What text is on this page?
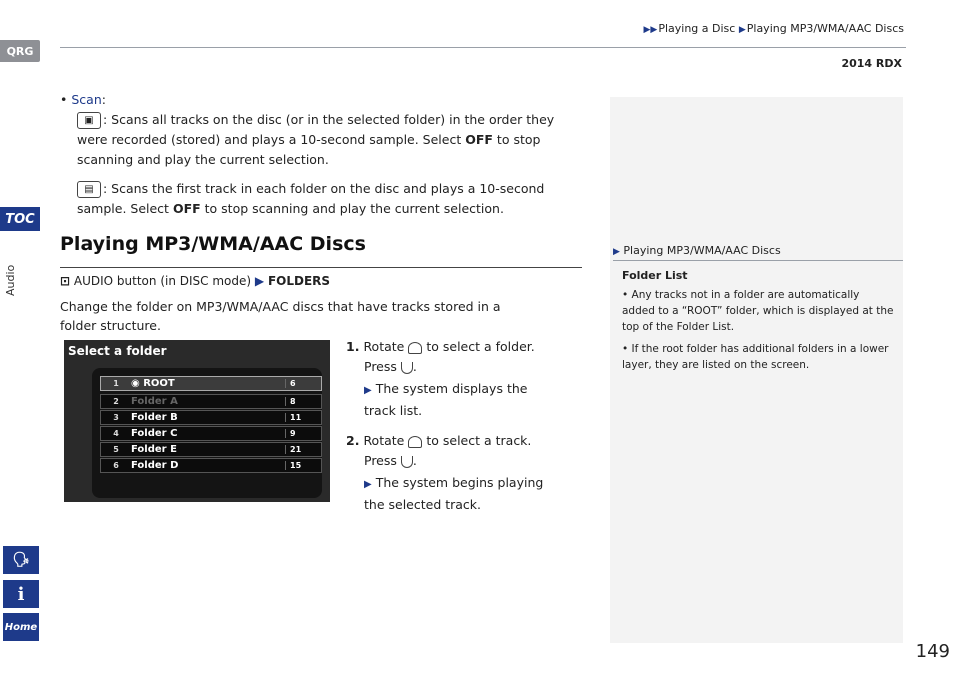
QRG
TOC
Audio
🗣
i
Home
▶▶Playing a Disc ▶Playing MP3/WMA/AAC Discs
2014 RDX
• Scan:
▣ : Scans all tracks on the disc (or in the selected folder) in the order they were recorded (stored) and plays a 10-second sample. Select OFF to stop scanning and play the current selection.
▤ : Scans the first track in each folder on the disc and plays a 10-second sample. Select OFF to stop scanning and play the current selection.
Playing MP3/WMA/AAC Discs
⊡ AUDIO button (in DISC mode) ▶ FOLDERS
Change the folder on MP3/WMA/AAC discs that have tracks stored in a folder structure.
Select a folder
1	◉ ROOT	6
2	Folder A	8
3	Folder B	11
4	Folder C	9
5	Folder E	21
6	Folder D	15
1. Rotate to select a folder.
Press .
▶ The system displays the track list.
2. Rotate to select a track.
Press .
▶ The system begins playing the selected track.
▶ Playing MP3/WMA/AAC Discs
Folder List
• Any tracks not in a folder are automatically added to a “ROOT” folder, which is displayed at the top of the Folder List.
• If the root folder has additional folders in a lower layer, they are listed on the screen.
149
